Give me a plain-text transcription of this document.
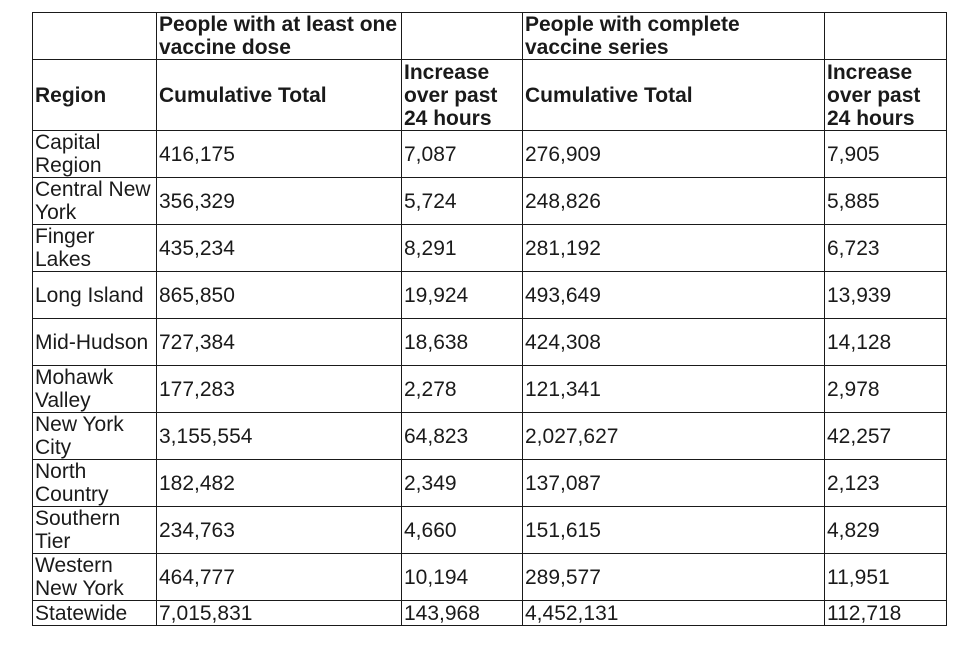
	People with at least one vaccine dose		People with complete vaccine series	
Region	Cumulative Total	Increase over past 24 hours	Cumulative Total	Increase over past 24 hours
Capital Region	416,175	7,087	276,909	7,905
Central New York	356,329	5,724	248,826	5,885
Finger Lakes	435,234	8,291	281,192	6,723
Long Island	865,850	19,924	493,649	13,939
Mid-Hudson	727,384	18,638	424,308	14,128
Mohawk Valley	177,283	2,278	121,341	2,978
New York City	3,155,554	64,823	2,027,627	42,257
North Country	182,482	2,349	137,087	2,123
Southern Tier	234,763	4,660	151,615	4,829
Western New York	464,777	10,194	289,577	11,951
Statewide	7,015,831	143,968	4,452,131	112,718
